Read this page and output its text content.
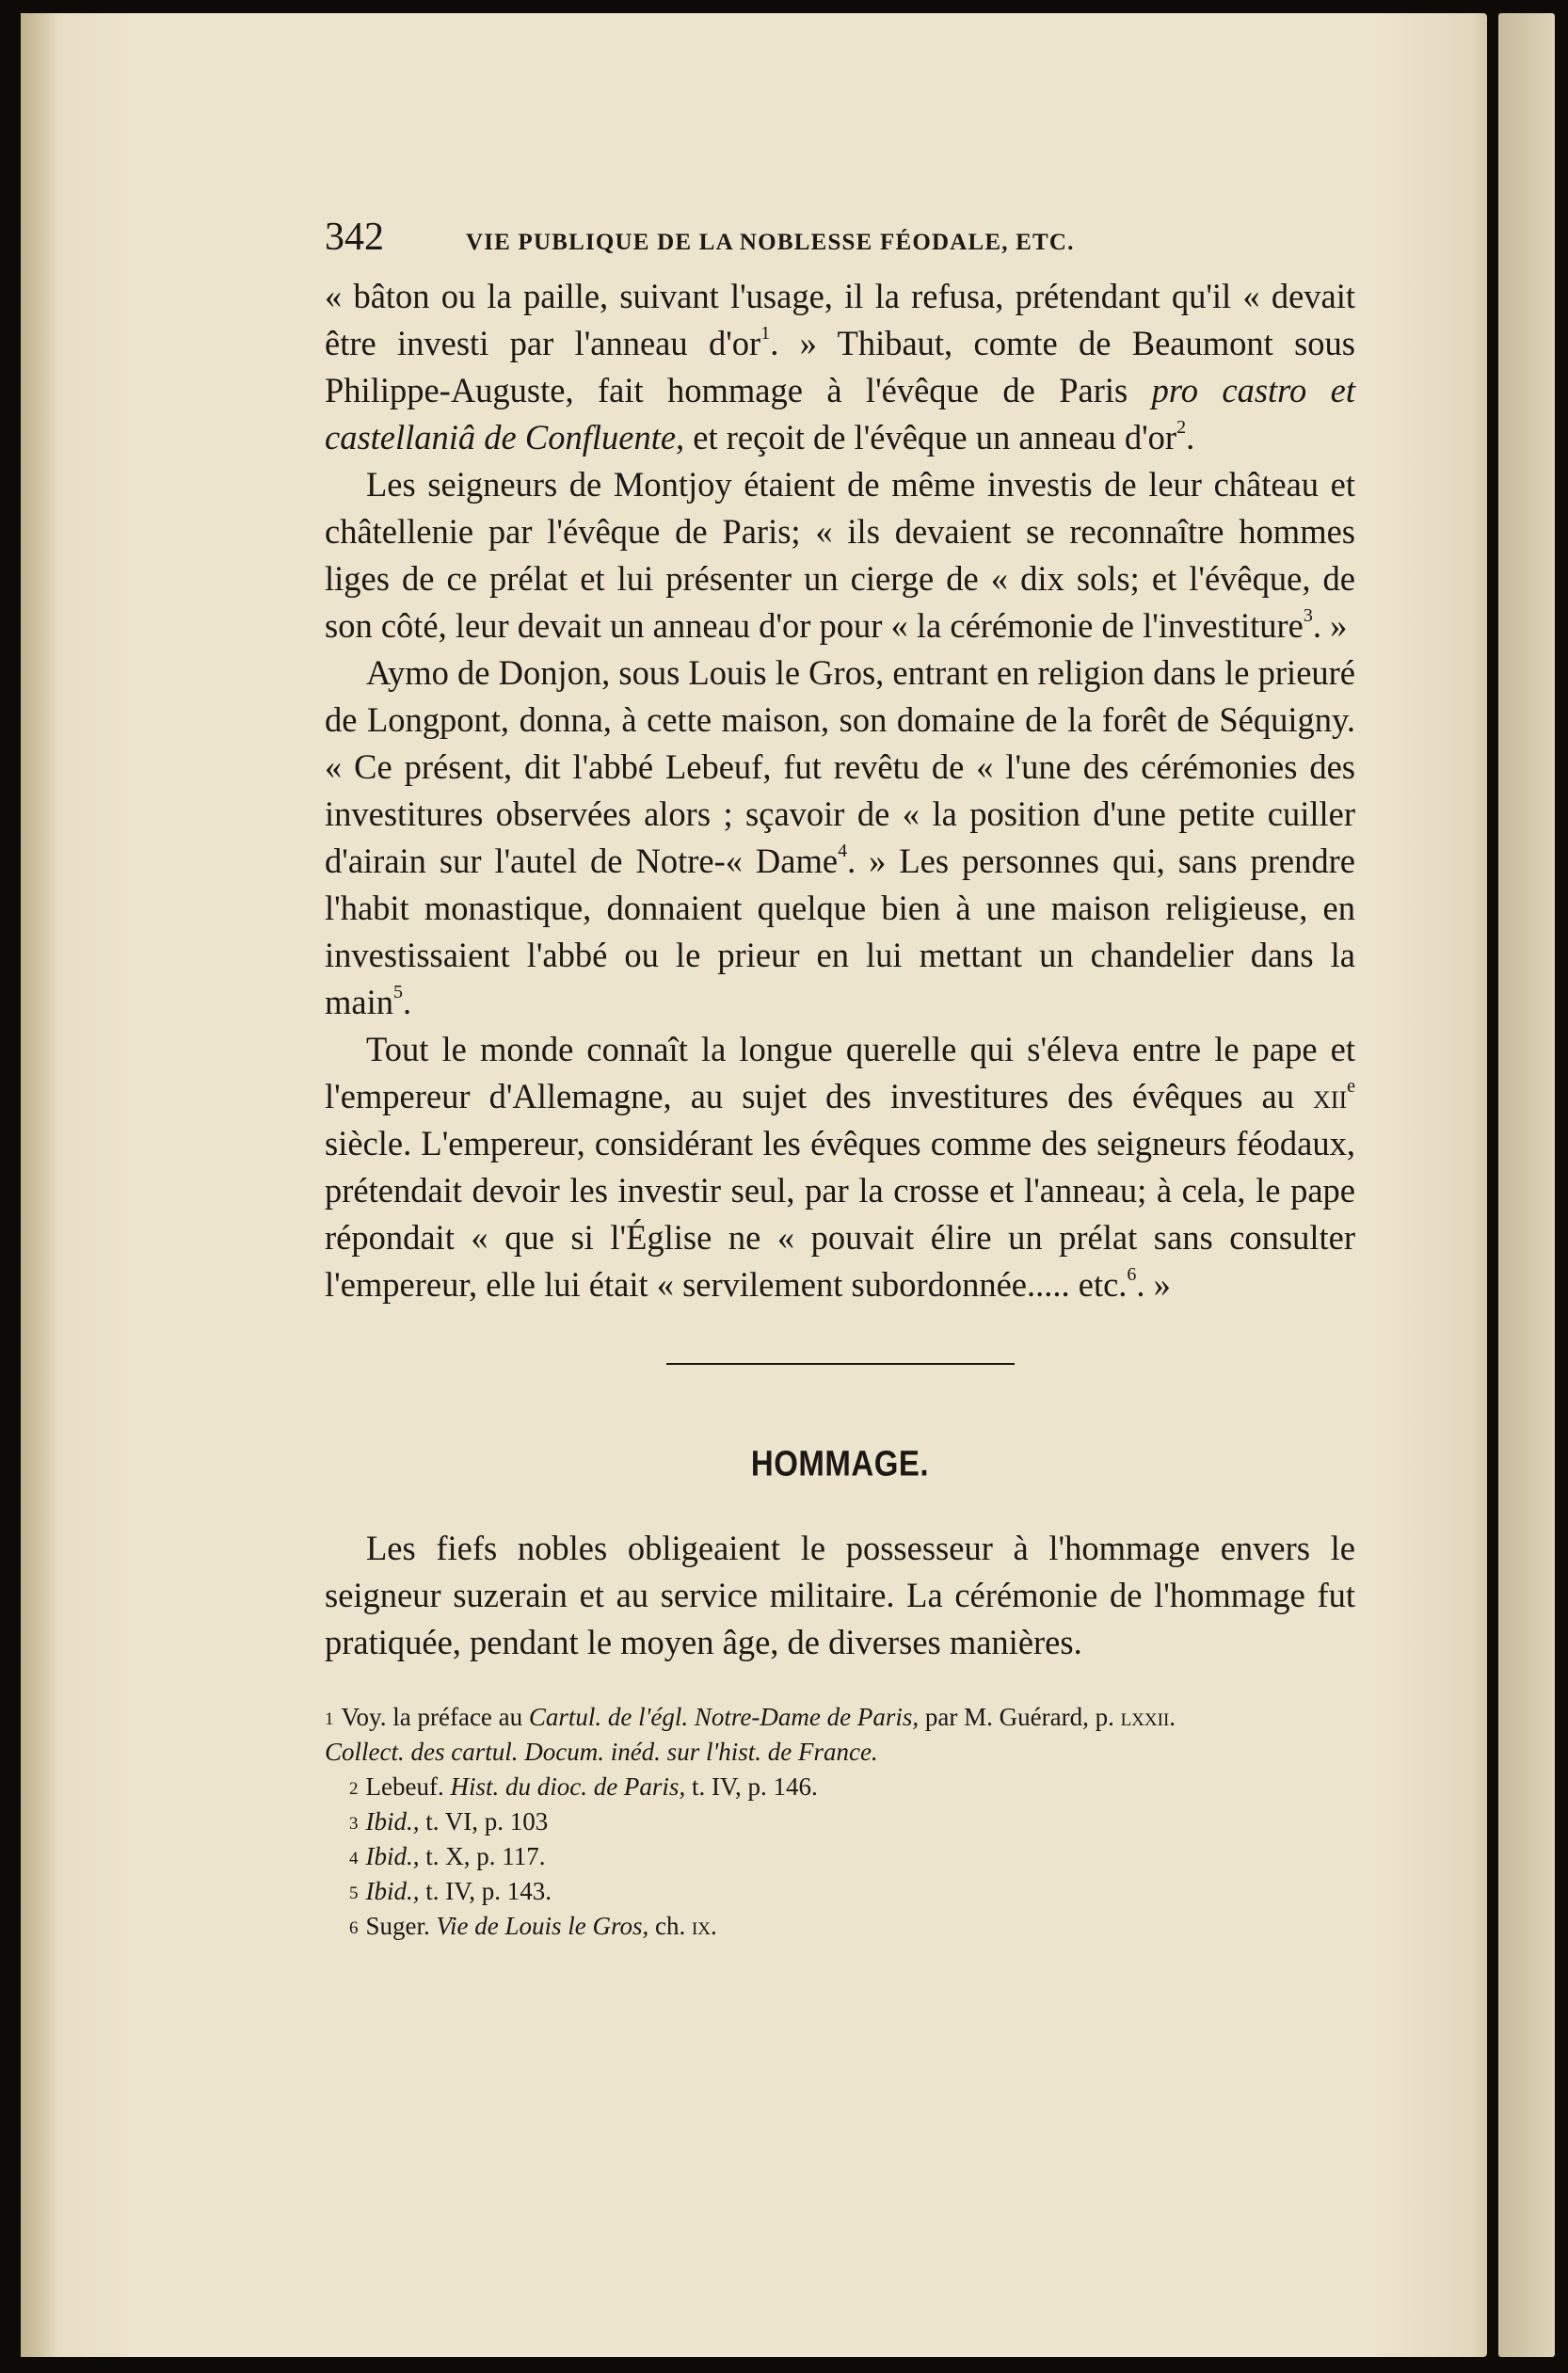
342	VIE PUBLIQUE DE LA NOBLESSE FÉODALE, ETC.

« bâton ou la paille, suivant l'usage, il la refusa, prétendant qu'il « devait être investi par l'anneau d'or$^1$. » Thibaut, comte de Beaumont sous Philippe-Auguste, fait hommage à l'évêque de Paris pro castro et castellaniâ de Confluente, et reçoit de l'évêque un anneau d'or$^2$.

Les seigneurs de Montjoy étaient de même investis de leur château et châtellenie par l'évêque de Paris; « ils devaient se reconnaître hommes liges de ce prélat et lui présenter un cierge de « dix sols; et l'évêque, de son côté, leur devait un anneau d'or pour « la cérémonie de l'investiture$^3$. »

Aymo de Donjon, sous Louis le Gros, entrant en religion dans le prieuré de Longpont, donna, à cette maison, son domaine de la forêt de Séquigny. « Ce présent, dit l'abbé Lebeuf, fut revêtu de « l'une des cérémonies des investitures observées alors ; sçavoir de « la position d'une petite cuiller d'airain sur l'autel de Notre-« Dame$^4$. » Les personnes qui, sans prendre l'habit monastique, donnaient quelque bien à une maison religieuse, en investissaient l'abbé ou le prieur en lui mettant un chandelier dans la main$^5$.

Tout le monde connaît la longue querelle qui s'éleva entre le pape et l'empereur d'Allemagne, au sujet des investitures des évêques au xii$^e$ siècle. L'empereur, considérant les évêques comme des seigneurs féodaux, prétendait devoir les investir seul, par la crosse et l'anneau; à cela, le pape répondait « que si l'Église ne « pouvait élire un prélat sans consulter l'empereur, elle lui était « servilement subordonnée..... etc.$^6$. »

HOMMAGE.

Les fiefs nobles obligeaient le possesseur à l'hommage envers le seigneur suzerain et au service militaire. La cérémonie de l'hommage fut pratiquée, pendant le moyen âge, de diverses manières.

$^1$ Voy. la préface au Cartul. de l'égl. Notre-Dame de Paris, par M. Guérard, p. lxxii.

Collect. des cartul. Docum. inéd. sur l'hist. de France.

$^2$ Lebeuf. Hist. du dioc. de Paris, t. IV, p. 146.

$^3$ Ibid., t. VI, p. 103

$^4$ Ibid., t. X, p. 117.

$^5$ Ibid., t. IV, p. 143.

$^6$ Suger. Vie de Louis le Gros, ch. ix.
